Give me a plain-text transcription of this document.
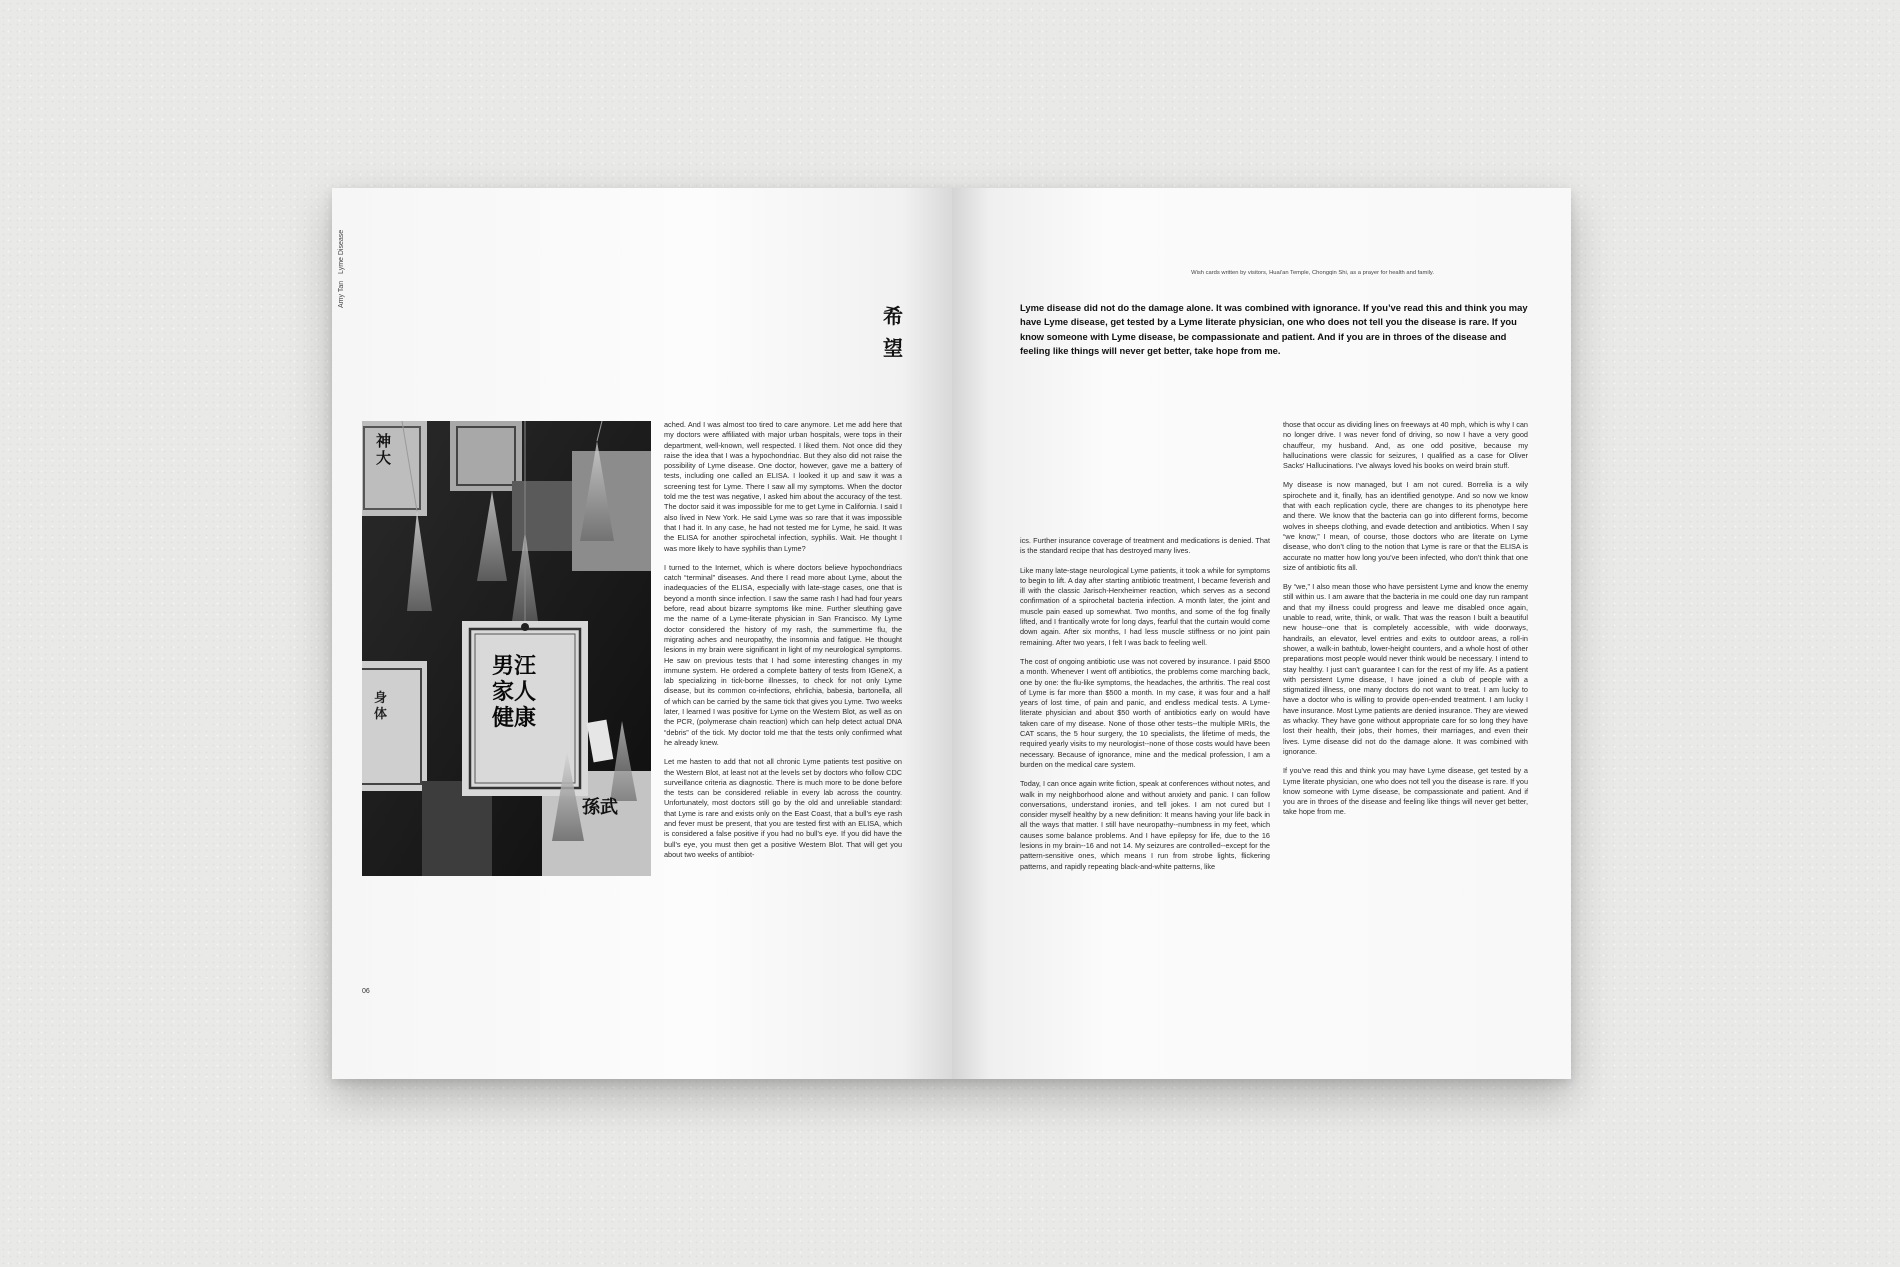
Amy Tan Lyme Disease
希
望
神
大
男汪
家人
健康
身
体
孫武

ached. And I was almost too tired to care anymore. Let me add here that my doctors were affiliated with major urban hospitals, were tops in their department, well-known, well respected. I liked them. Not once did they raise the idea that I was a hypochondriac. But they also did not raise the possibility of Lyme disease. One doctor, however, gave me a battery of tests, including one called an ELISA. I looked it up and saw it was a screening test for Lyme. There I saw all my symptoms. When the doctor told me the test was negative, I asked him about the accuracy of the test. The doctor said it was impossible for me to get Lyme in California. I said I also lived in New York. He said Lyme was so rare that it was impossible that I had it. In any case, he had not tested me for Lyme, he said. It was the ELISA for another spirochetal infection, syphilis. Wait. He thought I was more likely to have syphilis than Lyme?

I turned to the Internet, which is where doctors believe hypochondriacs catch “terminal” diseases. And there I read more about Lyme, about the inadequacies of the ELISA, especially with late-stage cases, one that is beyond a month since infection. I saw the same rash I had had four years before, read about bizarre symptoms like mine. Further sleuthing gave me the name of a Lyme-literate physician in San Francisco. My Lyme doctor considered the history of my rash, the summertime flu, the migrating aches and neuropathy, the insomnia and fatigue. He thought lesions in my brain were significant in light of my neurological symptoms. He saw on previous tests that I had some interesting changes in my immune system. He ordered a complete battery of tests from IGeneX, a lab specializing in tick-borne illnesses, to check for not only Lyme disease, but its common co-infections, ehrlichia, babesia, bartonella, all of which can be carried by the same tick that gives you Lyme. Two weeks later, I learned I was positive for Lyme on the Western Blot, as well as on the PCR, (polymerase chain reaction) which can help detect actual DNA “debris” of the tick. My doctor told me that the tests only confirmed what he already knew.

Let me hasten to add that not all chronic Lyme patients test positive on the Western Blot, at least not at the levels set by doctors who follow CDC surveillance criteria as diagnostic. There is much more to be done before the tests can be considered reliable in every lab across the country. Unfortunately, most doctors still go by the old and unreliable standard: that Lyme is rare and exists only on the East Coast, that a bull’s eye rash and fever must be present, that you are tested first with an ELISA, which is considered a false positive if you had no bull’s eye. If you did have the bull’s eye, you must then get a positive Western Blot. That will get you about two weeks of antibiot-

06
Wish cards written by visitors, Huai'an Temple, Chongqin Shi, as a prayer for health and family.
Lyme disease did not do the damage alone. It was combined with ignorance. If you’ve read this and think you may have Lyme disease, get tested by a Lyme literate physician, one who does not tell you the disease is rare. If you know someone with Lyme disease, be compassionate and patient. And if you are in throes of the disease and feeling like things will never get better, take hope from me.

ics. Further insurance coverage of treatment and medications is denied. That is the standard recipe that has destroyed many lives.

Like many late-stage neurological Lyme patients, it took a while for symptoms to begin to lift. A day after starting antibiotic treatment, I became feverish and ill with the classic Jarisch-Herxheimer reaction, which serves as a second confirmation of a spirochetal bacteria infection. A month later, the joint and muscle pain eased up somewhat. Two months, and some of the fog finally lifted, and I frantically wrote for long days, fearful that the curtain would come down again. After six months, I had less muscle stiffness or no joint pain remaining. After two years, I felt I was back to feeling well.

The cost of ongoing antibiotic use was not covered by insurance. I paid $500 a month. Whenever I went off antibiotics, the problems come marching back, one by one: the flu-like symptoms, the headaches, the arthritis. The real cost of Lyme is far more than $500 a month. In my case, it was four and a half years of lost time, of pain and panic, and endless medical tests. A Lyme-literate physician and about $50 worth of antibiotics early on would have taken care of my disease. None of those other tests--the multiple MRIs, the CAT scans, the 5 hour surgery, the 10 specialists, the lifetime of meds, the required yearly visits to my neurologist--none of those costs would have been necessary. Because of ignorance, mine and the medical profession, I am a burden on the medical care system.

Today, I can once again write fiction, speak at conferences without notes, and walk in my neighborhood alone and without anxiety and panic. I can follow conversations, understand ironies, and tell jokes. I am not cured but I consider myself healthy by a new definition: It means having your life back in all the ways that matter. I still have neuropathy--numbness in my feet, which causes some balance problems. And I have epilepsy for life, due to the 16 lesions in my brain--16 and not 14. My seizures are controlled--except for the pattern-sensitive ones, which means I run from strobe lights, flickering patterns, and rapidly repeating black-and-white patterns, like

those that occur as dividing lines on freeways at 40 mph, which is why I can no longer drive. I was never fond of driving, so now I have a very good chauffeur, my husband. And, as one odd positive, because my hallucinations were classic for seizures, I qualified as a case for Oliver Sacks’ Hallucinations. I’ve always loved his books on weird brain stuff.

My disease is now managed, but I am not cured. Borrelia is a wily spirochete and it, finally, has an identified genotype. And so now we know that with each replication cycle, there are changes to its phenotype here and there. We know that the bacteria can go into different forms, become wolves in sheeps clothing, and evade detection and antibiotics. When I say “we know,” I mean, of course, those doctors who are literate on Lyme disease, who don’t cling to the notion that Lyme is rare or that the ELISA is accurate no matter how long you’ve been infected, who don’t think that one size of antibiotic fits all.

By “we,” I also mean those who have persistent Lyme and know the enemy still within us. I am aware that the bacteria in me could one day run rampant and that my illness could progress and leave me disabled once again, unable to read, write, think, or walk. That was the reason I built a beautiful new house--one that is completely accessible, with wide doorways, handrails, an elevator, level entries and exits to outdoor areas, a roll-in shower, a walk-in bathtub, lower-height counters, and a whole host of other preparations most people would never think would be necessary. I intend to stay healthy. I just can’t guarantee I can for the rest of my life. As a patient with persistent Lyme disease, I have joined a club of people with a stigmatized illness, one many doctors do not want to treat. I am lucky to have a doctor who is willing to provide open-ended treatment. I am lucky I have insurance. Most Lyme patients are denied insurance. They are viewed as whacky. They have gone without appropriate care for so long they have lost their health, their jobs, their homes, their marriages, and even their lives. Lyme disease did not do the damage alone. It was combined with ignorance.

If you’ve read this and think you may have Lyme disease, get tested by a Lyme literate physician, one who does not tell you the disease is rare. If you know someone with Lyme disease, be compassionate and patient. And if you are in throes of the disease and feeling like things will never get better, take hope from me.
